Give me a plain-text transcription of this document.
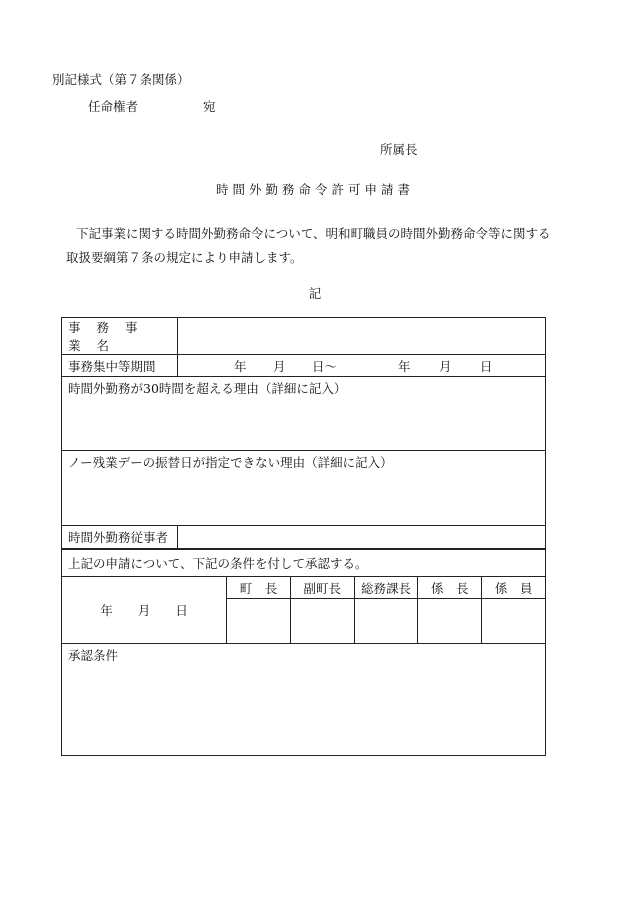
別記様式（第７条関係）
任命権者	宛
所属長
時間外勤務命令許可申請書
下記事業に関する時間外勤務命令について、明和町職員の時間外勤務命令等に関する
取扱要綱第７条の規定により申請します。
記
事 務 事 業 名	
事務集中等期間	年 月 日〜 年 月 日
時間外勤務が30時間を超える理由（詳細に記入）	
ノー残業デーの振替日が指定できない理由（詳細に記入）	
時間外勤務従事者	
上記の申請について、下記の条件を付して承認する。					
年　　月　　日	町　長	副町長	総務課長	係　長	係　員

承認条件					
